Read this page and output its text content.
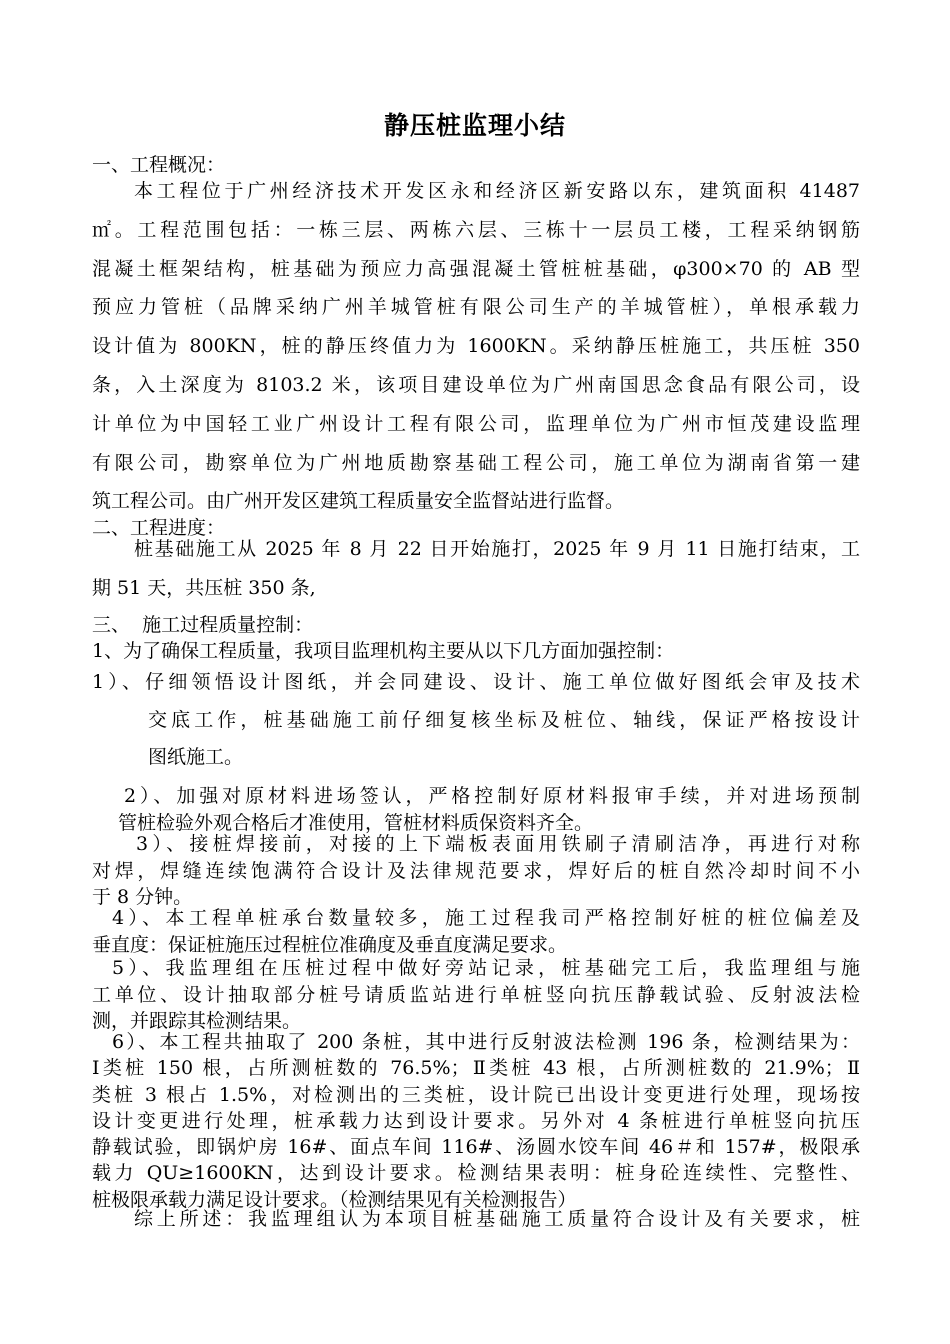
静压桩监理小结
一、工程概况：
本工程位于广州经济技术开发区永和经济区新安路以东，建筑面积 41487
㎡。工程范围包括：一栋三层、两栋六层、三栋十一层员工楼，工程采纳钢筋
混凝土框架结构，桩基础为预应力高强混凝土管桩桩基础，φ300×70 的 AB 型
预应力管桩（品牌采纳广州羊城管桩有限公司生产的羊城管桩），单根承载力
设计值为 800KN，桩的静压终值力为 1600KN。采纳静压桩施工，共压桩 350
条，入土深度为 8103.2 米，该项目建设单位为广州南国思念食品有限公司，设
计单位为中国轻工业广州设计工程有限公司，监理单位为广州市恒茂建设监理
有限公司，勘察单位为广州地质勘察基础工程公司，施工单位为湖南省第一建
筑工程公司。由广州开发区建筑工程质量安全监督站进行监督。
二、工程进度：
桩基础施工从 2025 年 8 月 22 日开始施打，2025 年 9 月 11 日施打结束，工
期 51 天，共压桩 350 条,
三、  施工过程质量控制：
1、为了确保工程质量，我项目监理机构主要从以下几方面加强控制：
1）、仔细领悟设计图纸，并会同建设、设计、施工单位做好图纸会审及技术
交底工作，桩基础施工前仔细复核坐标及桩位、轴线，保证严格按设计
图纸施工。
2）、加强对原材料进场签认，严格控制好原材料报审手续，并对进场预制
管桩检验外观合格后才准使用，管桩材料质保资料齐全。
3）、接桩焊接前，对接的上下端板表面用铁刷子清刷洁净，再进行对称
对焊，焊缝连续饱满符合设计及法律规范要求，焊好后的桩自然冷却时间不小
于 8 分钟。
4）、本工程单桩承台数量较多，施工过程我司严格控制好桩的桩位偏差及
垂直度：保证桩施压过程桩位准确度及垂直度满足要求。
5）、我监理组在压桩过程中做好旁站记录，桩基础完工后，我监理组与施
工单位、设计抽取部分桩号请质监站进行单桩竖向抗压静载试验、反射波法检
测，并跟踪其检测结果。
6）、本工程共抽取了 200 条桩，其中进行反射波法检测 196 条，检测结果为：
Ⅰ类桩 150 根，占所测桩数的 76.5%；Ⅱ类桩 43 根，占所测桩数的 21.9%；Ⅱ
类桩 3 根占 1.5%，对检测出的三类桩，设计院已出设计变更进行处理，现场按
设计变更进行处理，桩承载力达到设计要求。另外对 4 条桩进行单桩竖向抗压
静载试验，即锅炉房 16#、面点车间 116#、汤圆水饺车间 46＃和 157#，极限承
载力 QU≥1600KN，达到设计要求。检测结果表明：桩身砼连续性、完整性、
桩极限承载力满足设计要求。（检测结果见有关检测报告）
综上所述：我监理组认为本项目桩基础施工质量符合设计及有关要求，桩
